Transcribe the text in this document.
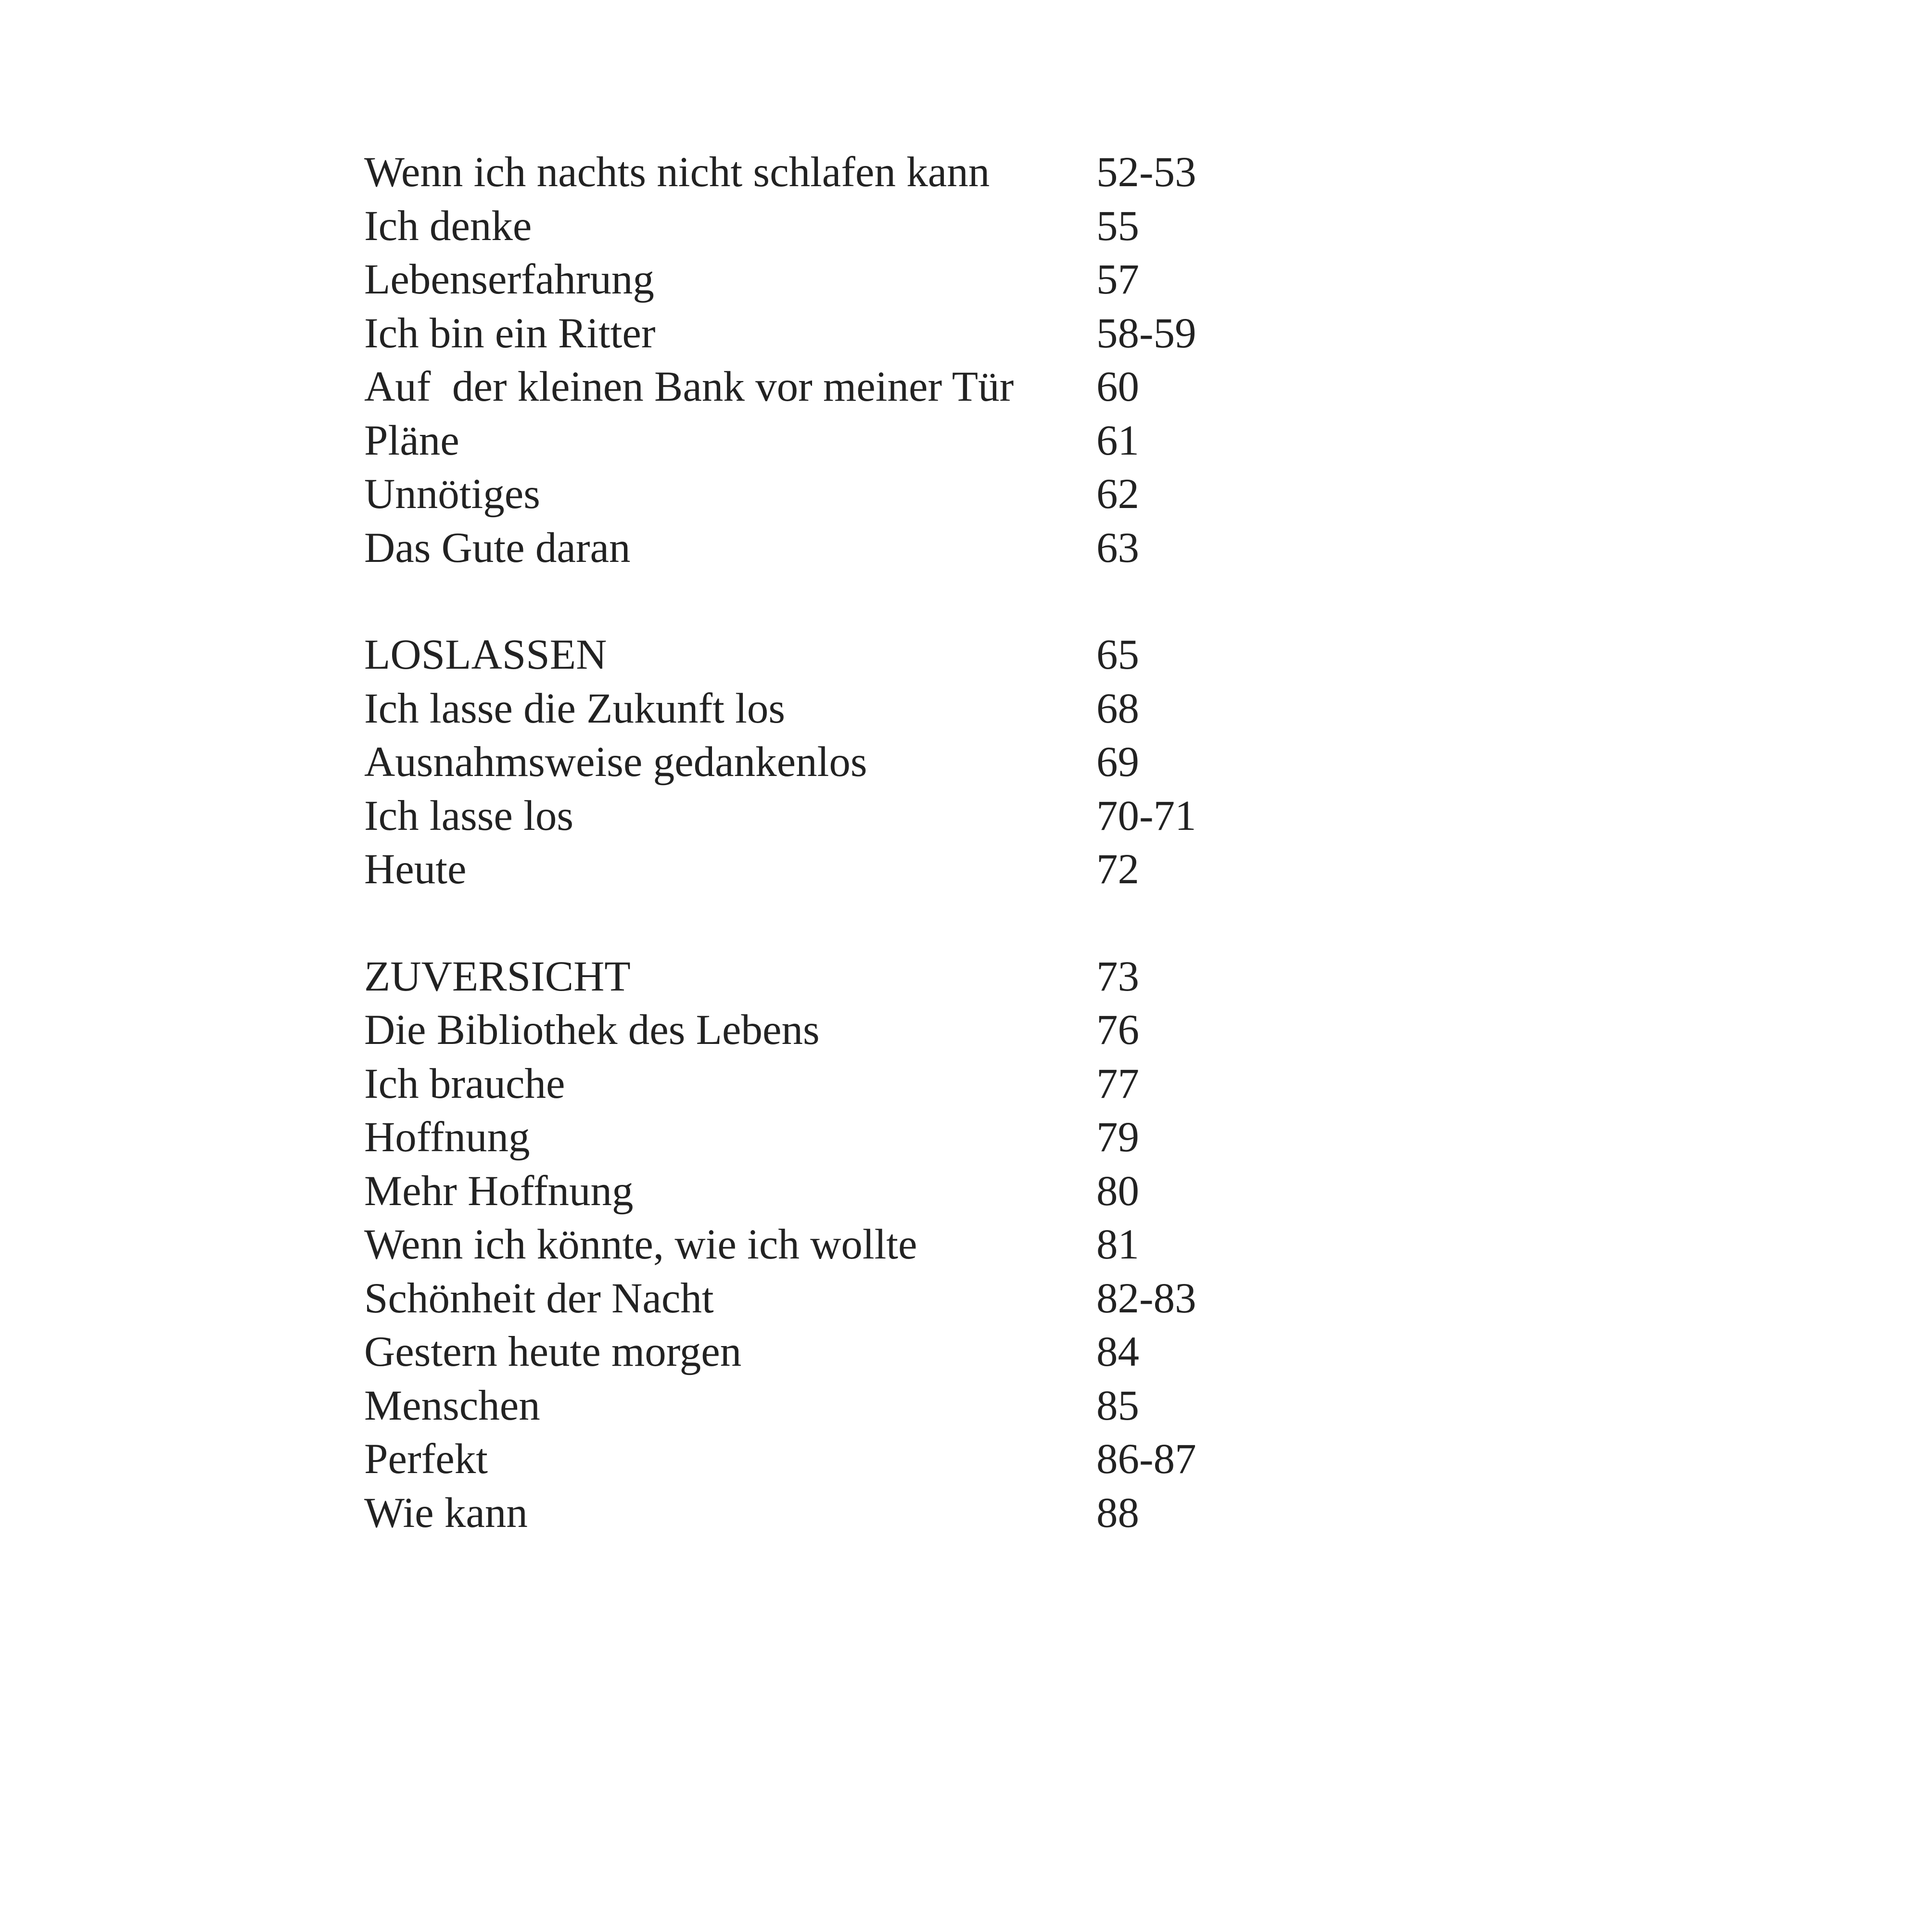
Wenn ich nachts nicht schlafen kann	52-53
Ich denke	55
Lebenserfahrung	57
Ich bin ein Ritter	58-59
Auf  der kleinen Bank vor meiner Tür	60
Pläne	61
Unnötiges	62
Das Gute daran	63
LOSLASSEN	65
Ich lasse die Zukunft los	68
Ausnahmsweise gedankenlos	69
Ich lasse los	70-71
Heute	72
ZUVERSICHT	73
Die Bibliothek des Lebens	76
Ich brauche	77
Hoffnung	79
Mehr Hoffnung	80
Wenn ich könnte, wie ich wollte	81
Schönheit der Nacht	82-83
Gestern heute morgen	84
Menschen	85
Perfekt	86-87
Wie kann	88
